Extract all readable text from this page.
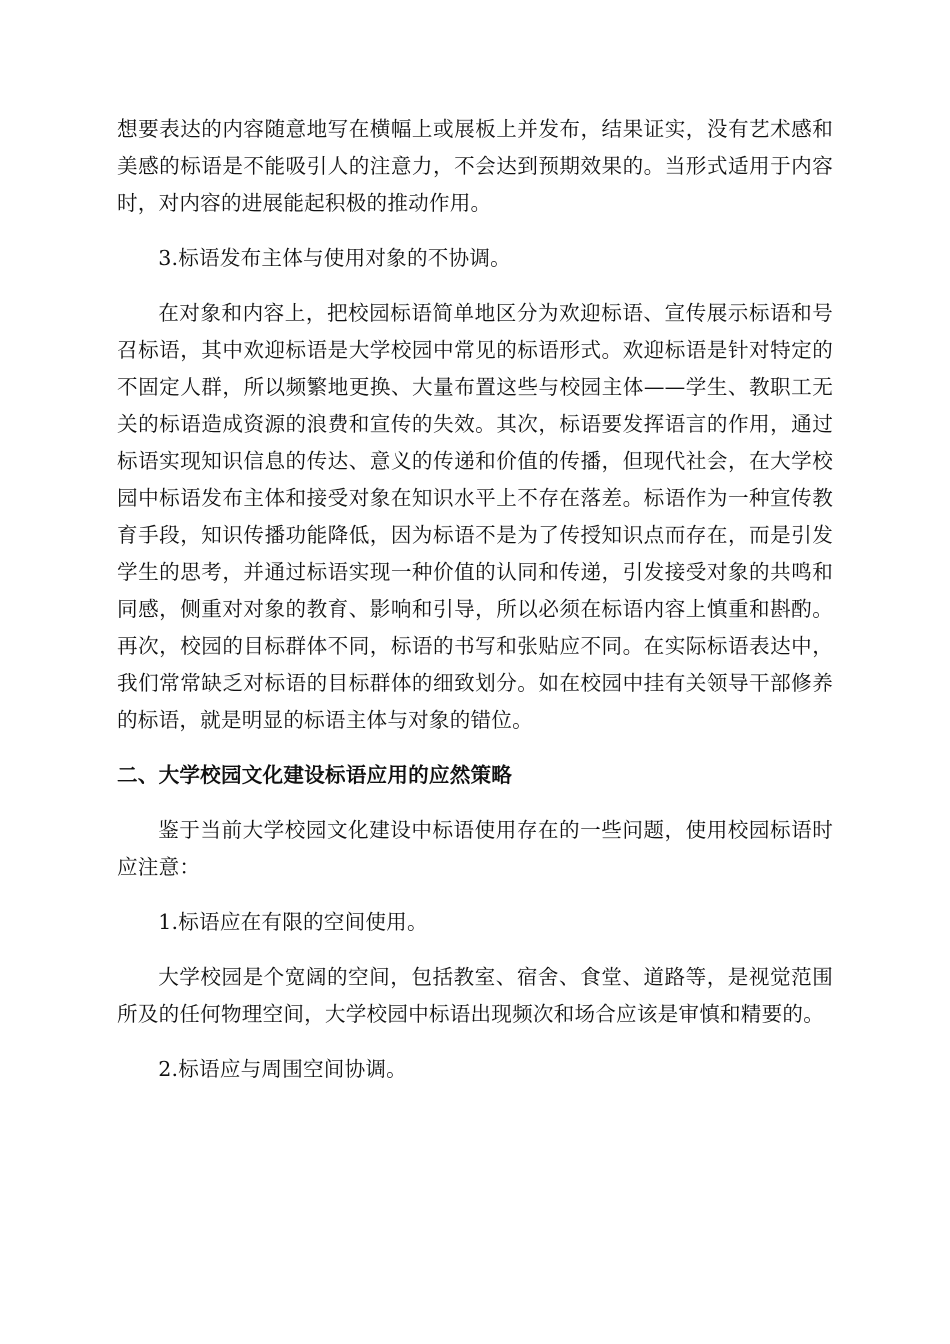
想要表达的内容随意地写在横幅上或展板上并发布，结果证实，没有艺术感和美感的标语是不能吸引人的注意力，不会达到预期效果的。当形式适用于内容时，对内容的进展能起积极的推动作用。

3.标语发布主体与使用对象的不协调。

在对象和内容上，把校园标语简单地区分为欢迎标语、宣传展示标语和号召标语，其中欢迎标语是大学校园中常见的标语形式。欢迎标语是针对特定的不固定人群，所以频繁地更换、大量布置这些与校园主体——学生、教职工无关的标语造成资源的浪费和宣传的失效。其次，标语要发挥语言的作用，通过标语实现知识信息的传达、意义的传递和价值的传播，但现代社会，在大学校园中标语发布主体和接受对象在知识水平上不存在落差。标语作为一种宣传教育手段，知识传播功能降低，因为标语不是为了传授知识点而存在，而是引发学生的思考，并通过标语实现一种价值的认同和传递，引发接受对象的共鸣和同感，侧重对对象的教育、影响和引导，所以必须在标语内容上慎重和斟酌。再次，校园的目标群体不同，标语的书写和张贴应不同。在实际标语表达中，我们常常缺乏对标语的目标群体的细致划分。如在校园中挂有关领导干部修养的标语，就是明显的标语主体与对象的错位。

二、大学校园文化建设标语应用的应然策略

鉴于当前大学校园文化建设中标语使用存在的一些问题，使用校园标语时应注意：

1.标语应在有限的空间使用。

大学校园是个宽阔的空间，包括教室、宿舍、食堂、道路等，是视觉范围所及的任何物理空间，大学校园中标语出现频次和场合应该是审慎和精要的。

2.标语应与周围空间协调。
